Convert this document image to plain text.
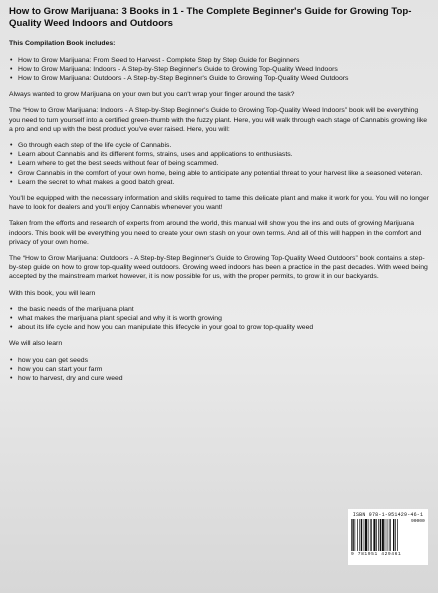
How to Grow Marijuana: 3 Books in 1 - The Complete Beginner's Guide for Growing Top-Quality Weed Indoors and Outdoors

This Compilation Book includes:

• How to Grow Marijuana: From Seed to Harvest - Complete Step by Step Guide for Beginners
• How to Grow Marijuana: Indoors - A Step-by-Step Beginner's Guide to Growing Top-Quality Weed Indoors
• How to Grow Marijuana: Outdoors - A Step-by-Step Beginner's Guide to Growing Top-Quality Weed Outdoors

Always wanted to grow Marijuana on your own but you can't wrap your finger around the task?

The “How to Grow Marijuana: Indoors - A Step-by-Step Beginner's Guide to Growing Top-Quality Weed Indoors” book will be everything you need to turn yourself into a certified green-thumb with the fuzzy plant. Here, you will walk through each stage of Cannabis growing like a pro and end up with the best product you've ever raised. Here, you will:

• Go through each step of the life cycle of Cannabis.
• Learn about Cannabis and its different forms, strains, uses and applications to enthusiasts.
• Learn where to get the best seeds without fear of being scammed.
• Grow Cannabis in the comfort of your own home, being able to anticipate any potential threat to your harvest like a seasoned veteran.
• Learn the secret to what makes a good batch great.

You'll be equipped with the necessary information and skills required to tame this delicate plant and make it work for you. You will no longer have to look for dealers and you'll enjoy Cannabis whenever you want!

Taken from the efforts and research of experts from around the world, this manual will show you the ins and outs of growing Marijuana indoors. This book will be everything you need to create your own stash on your own terms. And all of this will happen in the comfort and privacy of your own home.

The “How to Grow Marijuana: Outdoors - A Step-by-Step Beginner's Guide to Growing Top-Quality Weed Outdoors” book contains a step-by-step guide on how to grow top-quality weed outdoors. Growing weed indoors has been a practice in the past decades. With weed being accepted by the mainstream market however, it is now possible for us, with the proper permits, to grow it in our backyards.

With this book, you will learn

• the basic needs of the marijuana plant
• what makes the marijuana plant special and why it is worth growing
• about its life cycle and how you can manipulate this lifecycle in your goal to grow top-quality weed

We will also learn

• how you can get seeds
• how you can start your farm
• how to harvest, dry and cure weed
ISBN 978-1-951429-46-1
90000
9 781951 429461
